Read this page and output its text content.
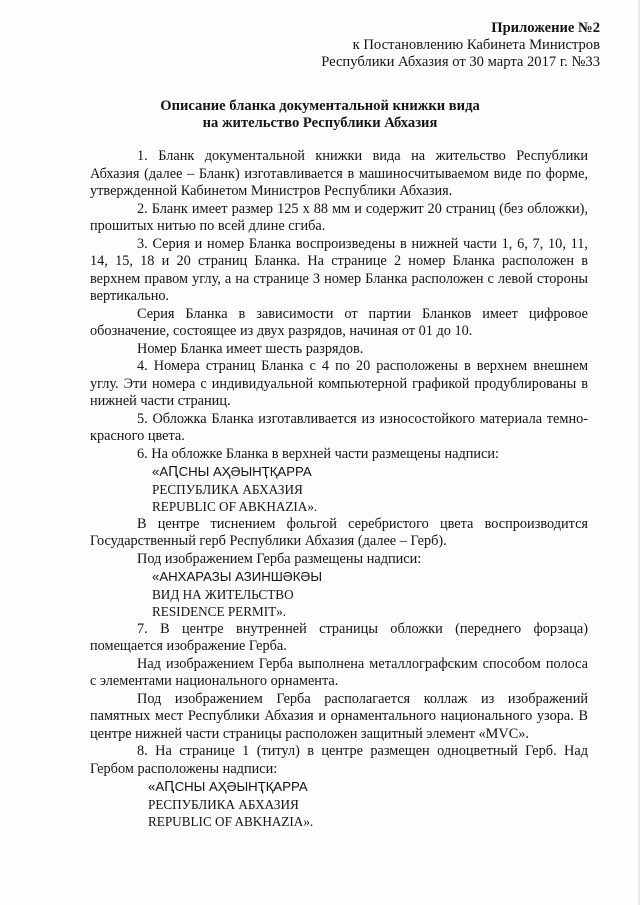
Приложение №2
к Постановлению Кабинета Министров
Республики Абхазия от 30 марта 2017 г. №33
Описание бланка документальной книжки вида
на жительство Республики Абхазия

1. Бланк документальной книжки вида на жительство Республики Абхазия (далее – Бланк) изготавливается в машиносчитываемом виде по форме, утвержденной Кабинетом Министров Республики Абхазия.

2. Бланк имеет размер 125 х 88 мм и содержит 20 страниц (без обложки), прошитых нитью по всей длине сгиба.

3. Серия и номер Бланка воспроизведены в нижней части 1, 6, 7, 10, 11, 14, 15, 18 и 20 страниц Бланка. На странице 2 номер Бланка расположен в верхнем правом углу, а на странице 3 номер Бланка расположен с левой стороны вертикально.

Серия Бланка в зависимости от партии Бланков имеет цифровое обозначение, состоящее из двух разрядов, начиная от 01 до 10.

Номер Бланка имеет шесть разрядов.

4. Номера страниц Бланка с 4 по 20 расположены в верхнем внешнем углу. Эти номера с индивидуальной компьютерной графикой продублированы в нижней части страниц.

5. Обложка Бланка изготавливается из износостойкого материала темно-красного цвета.

6. На обложке Бланка в верхней части размещены надписи:

«АԤСНЫ АҲӘЫНҬҚАРРА
РЕСПУБЛИКА АБХАЗИЯ
REPUBLIC OF ABKHAZIA».

В центре тиснением фольгой серебристого цвета воспроизводится Государственный герб Республики Абхазия (далее – Герб).

Под изображением Герба размещены надписи:

«АНХАРАЗЫ АЗИНШӘКӘЫ
ВИД НА ЖИТЕЛЬСТВО
RESIDENCE PERMIT».

7. В центре внутренней страницы обложки (переднего форзаца) помещается изображение Герба.

Над изображением Герба выполнена металлографским способом полоса с элементами национального орнамента.

Под изображением Герба располагается коллаж из изображений памятных мест Республики Абхазия и орнаментального национального узора. В центре нижней части страницы расположен защитный элемент «MVC».

8. На странице 1 (титул) в центре размещен одноцветный Герб. Над Гербом расположены надписи:

«АԤСНЫ АҲӘЫНҬҚАРРА
РЕСПУБЛИКА АБХАЗИЯ
REPUBLIC OF ABKHAZIA».
